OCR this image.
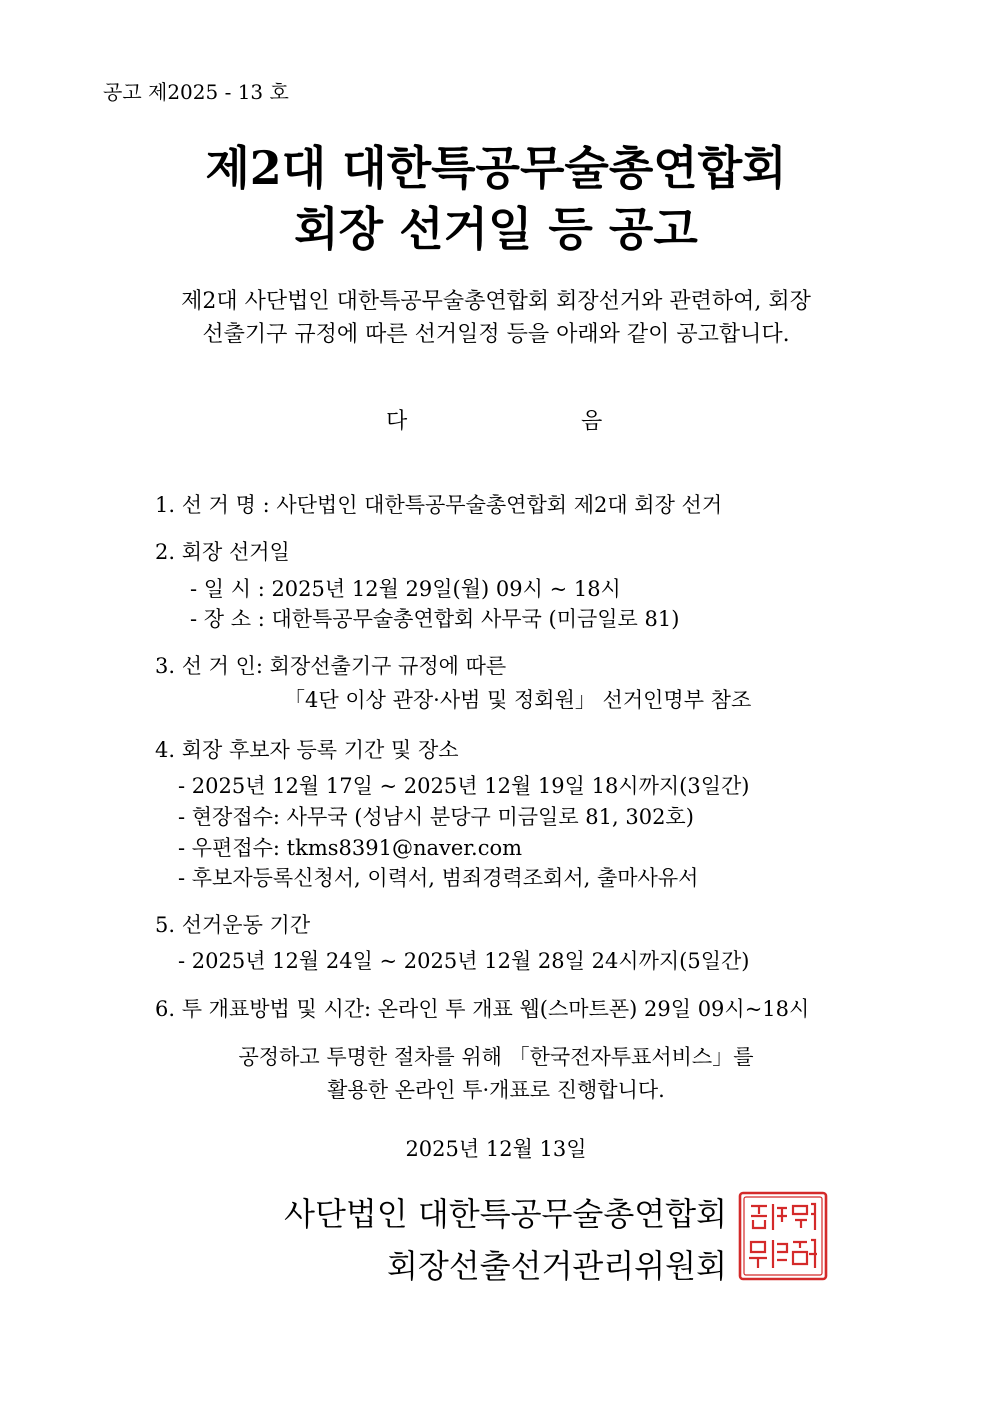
공고 제2025 - 13 호
제2대 대한특공무술총연합회
회장 선거일 등 공고
제2대 사단법인 대한특공무술총연합회 회장선거와 관련하여, 회장
선출기구 규정에 따른 선거일정 등을 아래와 같이 공고합니다.
다	음
1. 선 거 명 : 사단법인 대한특공무술총연합회 제2대 회장 선거
2. 회장 선거일
- 일 시 : 2025년 12월 29일(월) 09시 ~ 18시
- 장 소 : 대한특공무술총연합회 사무국 (미금일로 81)
3. 선 거 인: 회장선출기구 규정에 따른
「4단 이상 관장·사범 및 정회원」 선거인명부 참조
4. 회장 후보자 등록 기간 및 장소
- 2025년 12월 17일 ~ 2025년 12월 19일 18시까지(3일간)
- 현장접수: 사무국 (성남시 분당구 미금일로 81, 302호)
- 우편접수: tkms8391@naver.com
- 후보자등록신청서, 이력서, 범죄경력조회서, 출마사유서
5. 선거운동 기간
- 2025년 12월 24일 ~ 2025년 12월 28일 24시까지(5일간)
6. 투 개표방법 및 시간: 온라인 투 개표 웹(스마트폰) 29일 09시~18시
공정하고 투명한 절차를 위해 「한국전자투표서비스」를
활용한 온라인 투·개표로 진행합니다.
2025년 12월 13일
사단법인 대한특공무술총연합회
회장선출선거관리위원회
